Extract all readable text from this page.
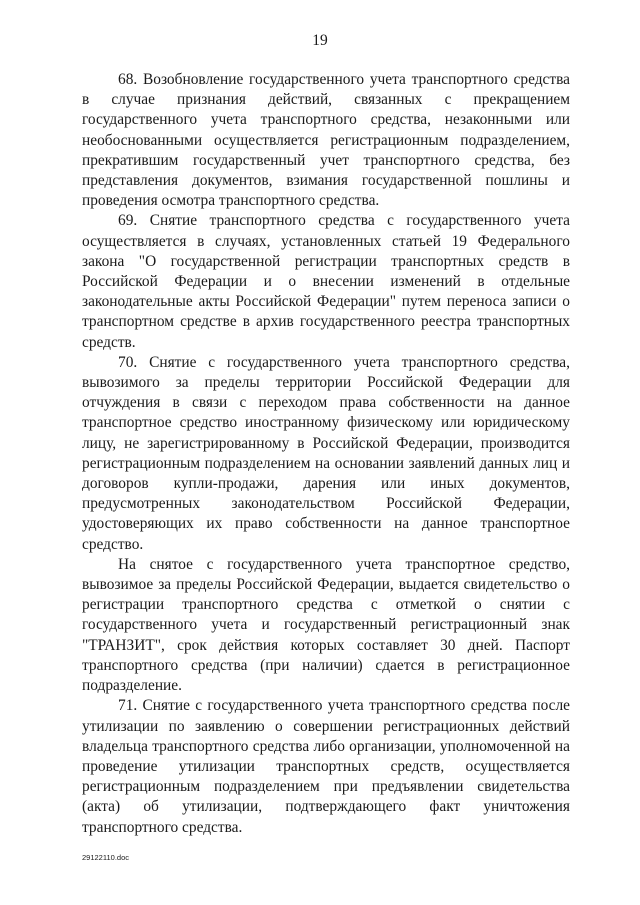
19

68. Возобновление государственного учета транспортного средства в случае признания действий, связанных с прекращением государственного учета транспортного средства, незаконными или необоснованными осуществляется регистрационным подразделением, прекратившим государственный учет транспортного средства, без представления документов, взимания государственной пошлины и проведения осмотра транспортного средства.

69. Снятие транспортного средства с государственного учета осуществляется в случаях, установленных статьей 19 Федерального закона "О государственной регистрации транспортных средств в Российской Федерации и о внесении изменений в отдельные законодательные акты Российской Федерации" путем переноса записи о транспортном средстве в архив государственного реестра транспортных средств.

70. Снятие с государственного учета транспортного средства, вывозимого за пределы территории Российской Федерации для отчуждения в связи с переходом права собственности на данное транспортное средство иностранному физическому или юридическому лицу, не зарегистрированному в Российской Федерации, производится регистрационным подразделением на основании заявлений данных лиц и договоров купли-продажи, дарения или иных документов, предусмотренных законодательством Российской Федерации, удостоверяющих их право собственности на данное транспортное средство.

На снятое с государственного учета транспортное средство, вывозимое за пределы Российской Федерации, выдается свидетельство о регистрации транспортного средства с отметкой о снятии с государственного учета и государственный регистрационный знак "ТРАНЗИТ", срок действия которых составляет 30 дней. Паспорт транспортного средства (при наличии) сдается в регистрационное подразделение.

71. Снятие с государственного учета транспортного средства после утилизации по заявлению о совершении регистрационных действий владельца транспортного средства либо организации, уполномоченной на проведение утилизации транспортных средств, осуществляется регистрационным подразделением при предъявлении свидетельства (акта) об утилизации, подтверждающего факт уничтожения транспортного средства.

29122110.doc
